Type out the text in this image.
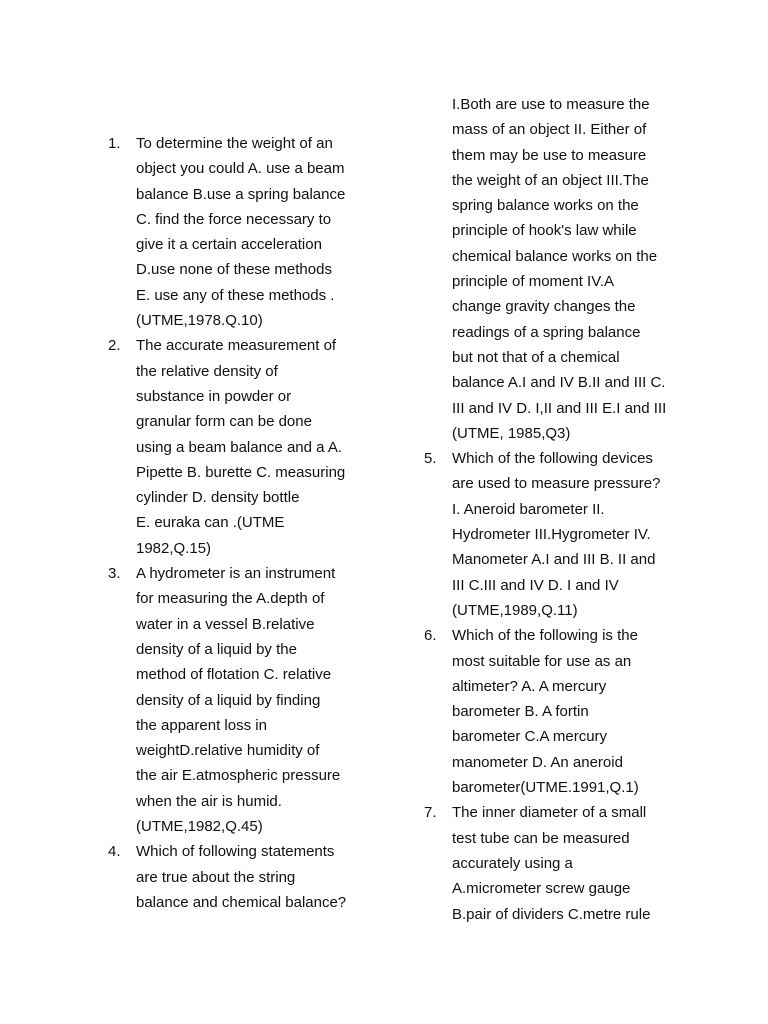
1.	To determine the weight of an
object you could A. use a beam
balance B.use a spring balance
C. find the force necessary to
give it a certain acceleration
D.use none of these methods
E. use any of these methods .
(UTME,1978.Q.10)
2.	The accurate measurement of
the relative density of
substance in powder or
granular form can be done
using a beam balance and a A.
Pipette B. burette C. measuring
cylinder D. density bottle
E. euraka can .(UTME
1982,Q.15)
3.	A hydrometer is an instrument
for measuring the A.depth of
water in a vessel B.relative
density of a liquid by the
method of flotation C. relative
density of a liquid by finding
the apparent loss in
weightD.relative humidity of
the air E.atmospheric pressure
when the air is humid.
(UTME,1982,Q.45)
4.	Which of following statements
are true about the string
balance and chemical balance?
I.Both are use to measure the
mass of an object II. Either of
them may be use to measure
the weight of an object III.The
spring balance works on the
principle of hook's law while
chemical balance works on the
principle of moment IV.A
change gravity changes the
readings of a spring balance
but not that of a chemical
balance A.I and IV B.II and III C.
III and IV D. I,II and III E.I and III
(UTME, 1985,Q3)
5.	Which of the following devices
are used to measure pressure?
I. Aneroid barometer II.
Hydrometer III.Hygrometer IV.
Manometer A.I and III B. II and
III C.III and IV D. I and IV
(UTME,1989,Q.11)
6.	Which of the following is the
most suitable for use as an
altimeter? A. A mercury
barometer B. A fortin
barometer C.A mercury
manometer D. An aneroid
barometer(UTME.1991,Q.1)
7.	The inner diameter of a small
test tube can be measured
accurately using a
A.micrometer screw gauge
B.pair of dividers C.metre rule
